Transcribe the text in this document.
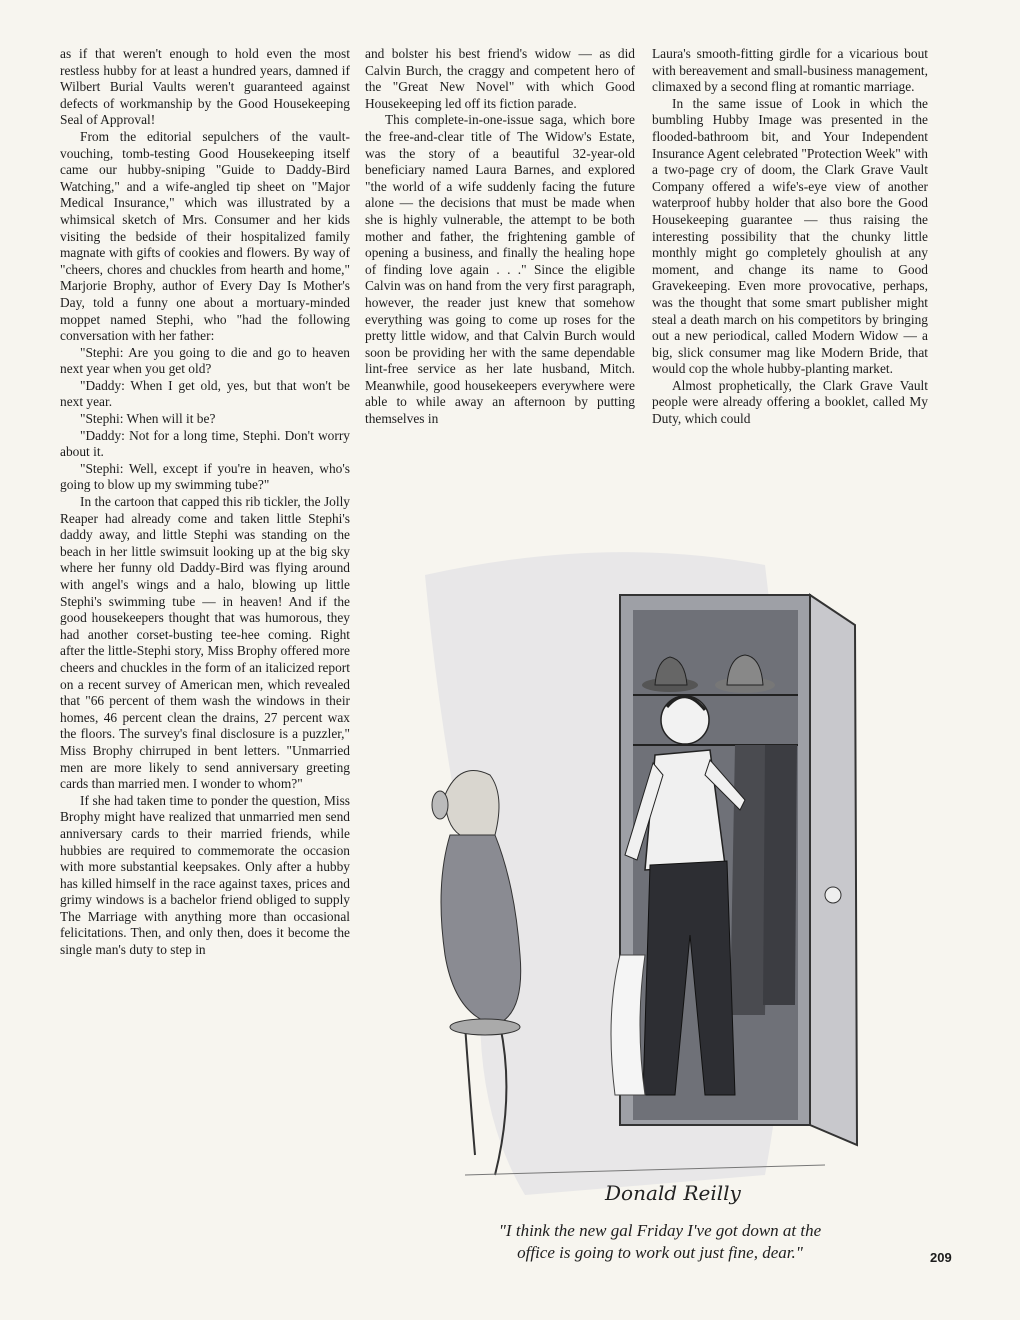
as if that weren't enough to hold even the most restless hubby for at least a hundred years, damned if Wilbert Burial Vaults weren't guaranteed against defects of workmanship by the Good Housekeeping Seal of Approval!

From the editorial sepulchers of the vault-vouching, tomb-testing Good Housekeeping itself came our hubby-sniping "Guide to Daddy-Bird Watching," and a wife-angled tip sheet on "Major Medical Insurance," which was illustrated by a whimsical sketch of Mrs. Consumer and her kids visiting the bedside of their hospitalized family magnate with gifts of cookies and flowers. By way of "cheers, chores and chuckles from hearth and home," Marjorie Brophy, author of Every Day Is Mother's Day, told a funny one about a mortuary-minded moppet named Stephi, who "had the following conversation with her father:

"Stephi: Are you going to die and go to heaven next year when you get old?

"Daddy: When I get old, yes, but that won't be next year.

"Stephi: When will it be?

"Daddy: Not for a long time, Stephi. Don't worry about it.

"Stephi: Well, except if you're in heaven, who's going to blow up my swimming tube?"

In the cartoon that capped this rib tickler, the Jolly Reaper had already come and taken little Stephi's daddy away, and little Stephi was standing on the beach in her little swimsuit looking up at the big sky where her funny old Daddy-Bird was flying around with angel's wings and a halo, blowing up little Stephi's swimming tube — in heaven! And if the good housekeepers thought that was humorous, they had another corset-busting tee-hee coming. Right after the little-Stephi story, Miss Brophy offered more cheers and chuckles in the form of an italicized report on a recent survey of American men, which revealed that "66 percent of them wash the windows in their homes, 46 percent clean the drains, 27 percent wax the floors. The survey's final disclosure is a puzzler," Miss Brophy chirruped in bent letters. "Unmarried men are more likely to send anniversary greeting cards than married men. I wonder to whom?"

If she had taken time to ponder the question, Miss Brophy might have realized that unmarried men send anniversary cards to their married friends, while hubbies are required to commemorate the occasion with more substantial keepsakes. Only after a hubby has killed himself in the race against taxes, prices and grimy windows is a bachelor friend obliged to supply The Marriage with anything more than occasional felicitations. Then, and only then, does it become the single man's duty to step in

and bolster his best friend's widow — as did Calvin Burch, the craggy and competent hero of the "Great New Novel" with which Good Housekeeping led off its fiction parade.

This complete-in-one-issue saga, which bore the free-and-clear title of The Widow's Estate, was the story of a beautiful 32-year-old beneficiary named Laura Barnes, and explored "the world of a wife suddenly facing the future alone — the decisions that must be made when she is highly vulnerable, the attempt to be both mother and father, the frightening gamble of opening a business, and finally the healing hope of finding love again . . ." Since the eligible Calvin was on hand from the very first paragraph, however, the reader just knew that somehow everything was going to come up roses for the pretty little widow, and that Calvin Burch would soon be providing her with the same dependable lint-free service as her late husband, Mitch. Meanwhile, good housekeepers everywhere were able to while away an afternoon by putting themselves in

Laura's smooth-fitting girdle for a vicarious bout with bereavement and small-business management, climaxed by a second fling at romantic marriage.

In the same issue of Look in which the bumbling Hubby Image was presented in the flooded-bathroom bit, and Your Independent Insurance Agent celebrated "Protection Week" with a two-page cry of doom, the Clark Grave Vault Company offered a wife's-eye view of another waterproof hubby holder that also bore the Good Housekeeping guarantee — thus raising the interesting possibility that the chunky little monthly might go completely ghoulish at any moment, and change its name to Good Gravekeeping. Even more provocative, perhaps, was the thought that some smart publisher might steal a death march on his competitors by bringing out a new periodical, called Modern Widow — a big, slick consumer mag like Modern Bride, that would cop the whole hubby-planting market.

Almost prophetically, the Clark Grave Vault people were already offering a booklet, called My Duty, which could

Donald Reilly
"I think the new gal Friday I've got down at the
office is going to work out just fine, dear."	209
